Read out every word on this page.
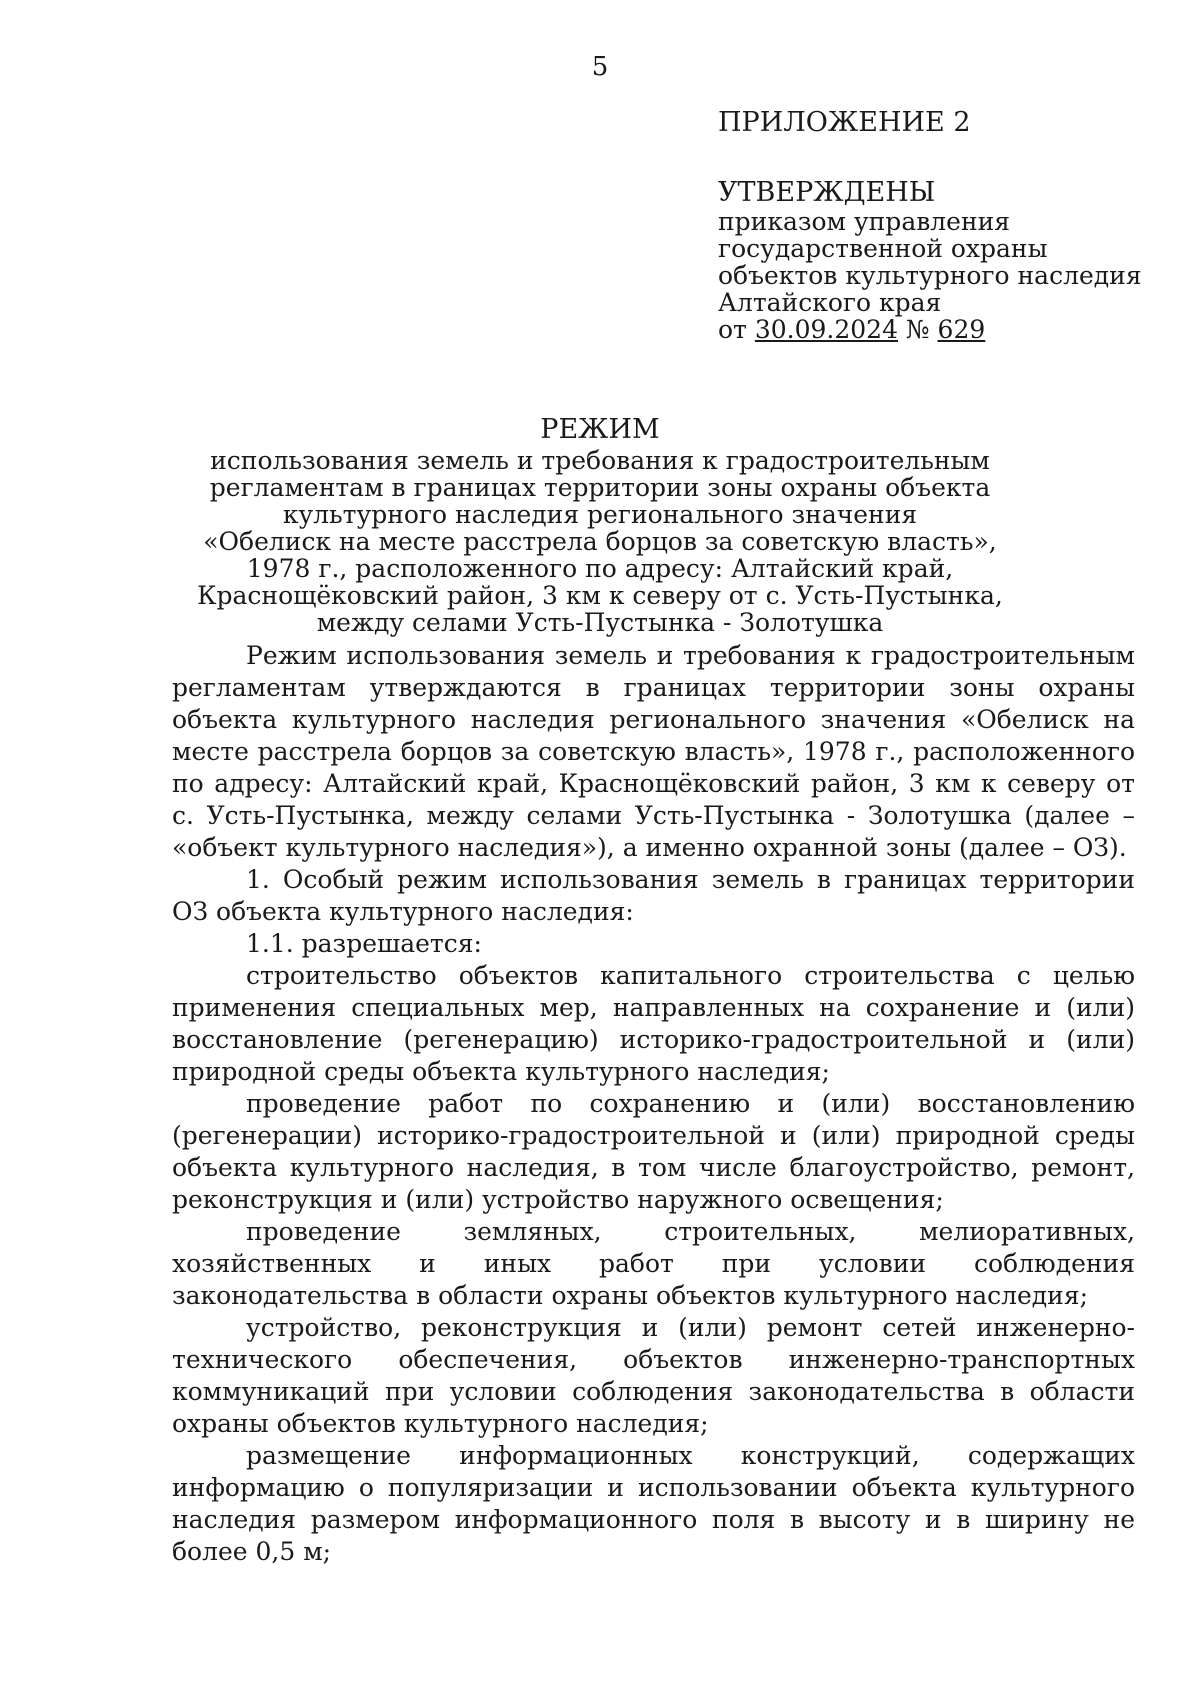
5

ПРИЛОЖЕНИЕ 2

УТВЕРЖДЕНЫ

приказом управления

государственной охраны

объектов культурного наследия

Алтайского края

от 30.09.2024 № 629

РЕЖИМ

использования земель и требования к градостроительным

регламентам в границах территории зоны охраны объекта

культурного наследия регионального значения

«Обелиск на месте расстрела борцов за советскую власть»,

1978 г., расположенного по адресу: Алтайский край,

Краснощёковский район, 3 км к северу от с. Усть-Пустынка,

между селами Усть-Пустынка - Золотушка

Режим использования земель и требования к градостроительным регламентам утверждаются в границах территории зоны охраны объекта культурного наследия регионального значения «Обелиск на месте расстрела борцов за советскую власть», 1978 г., расположенного по адресу: Алтайский край, Краснощёковский район, 3 км к северу от с. Усть-Пустынка, между селами Усть-Пустынка - Золотушка (далее – «объект культурного наследия»), а именно охранной зоны (далее – ОЗ).

1. Особый режим использования земель в границах территории ОЗ объекта культурного наследия:

1.1. разрешается:

строительство объектов капитального строительства с целью применения специальных мер, направленных на сохранение и (или) восстановление (регенерацию) историко-градостроительной и (или) природной среды объекта культурного наследия;

проведение работ по сохранению и (или) восстановлению (регенерации) историко-градостроительной и (или) природной среды объекта культурного наследия, в том числе благоустройство, ремонт, реконструкция и (или) устройство наружного освещения;

проведение земляных, строительных, мелиоративных, хозяйственных и иных работ при условии соблюдения законодательства в области охраны объектов культурного наследия;

устройство, реконструкция и (или) ремонт сетей инженерно-технического обеспечения, объектов инженерно-транспортных коммуникаций при условии соблюдения законодательства в области охраны объектов культурного наследия;

размещение информационных конструкций, содержащих информацию о популяризации и использовании объекта культурного наследия размером информационного поля в высоту и в ширину не более 0,5 м;
